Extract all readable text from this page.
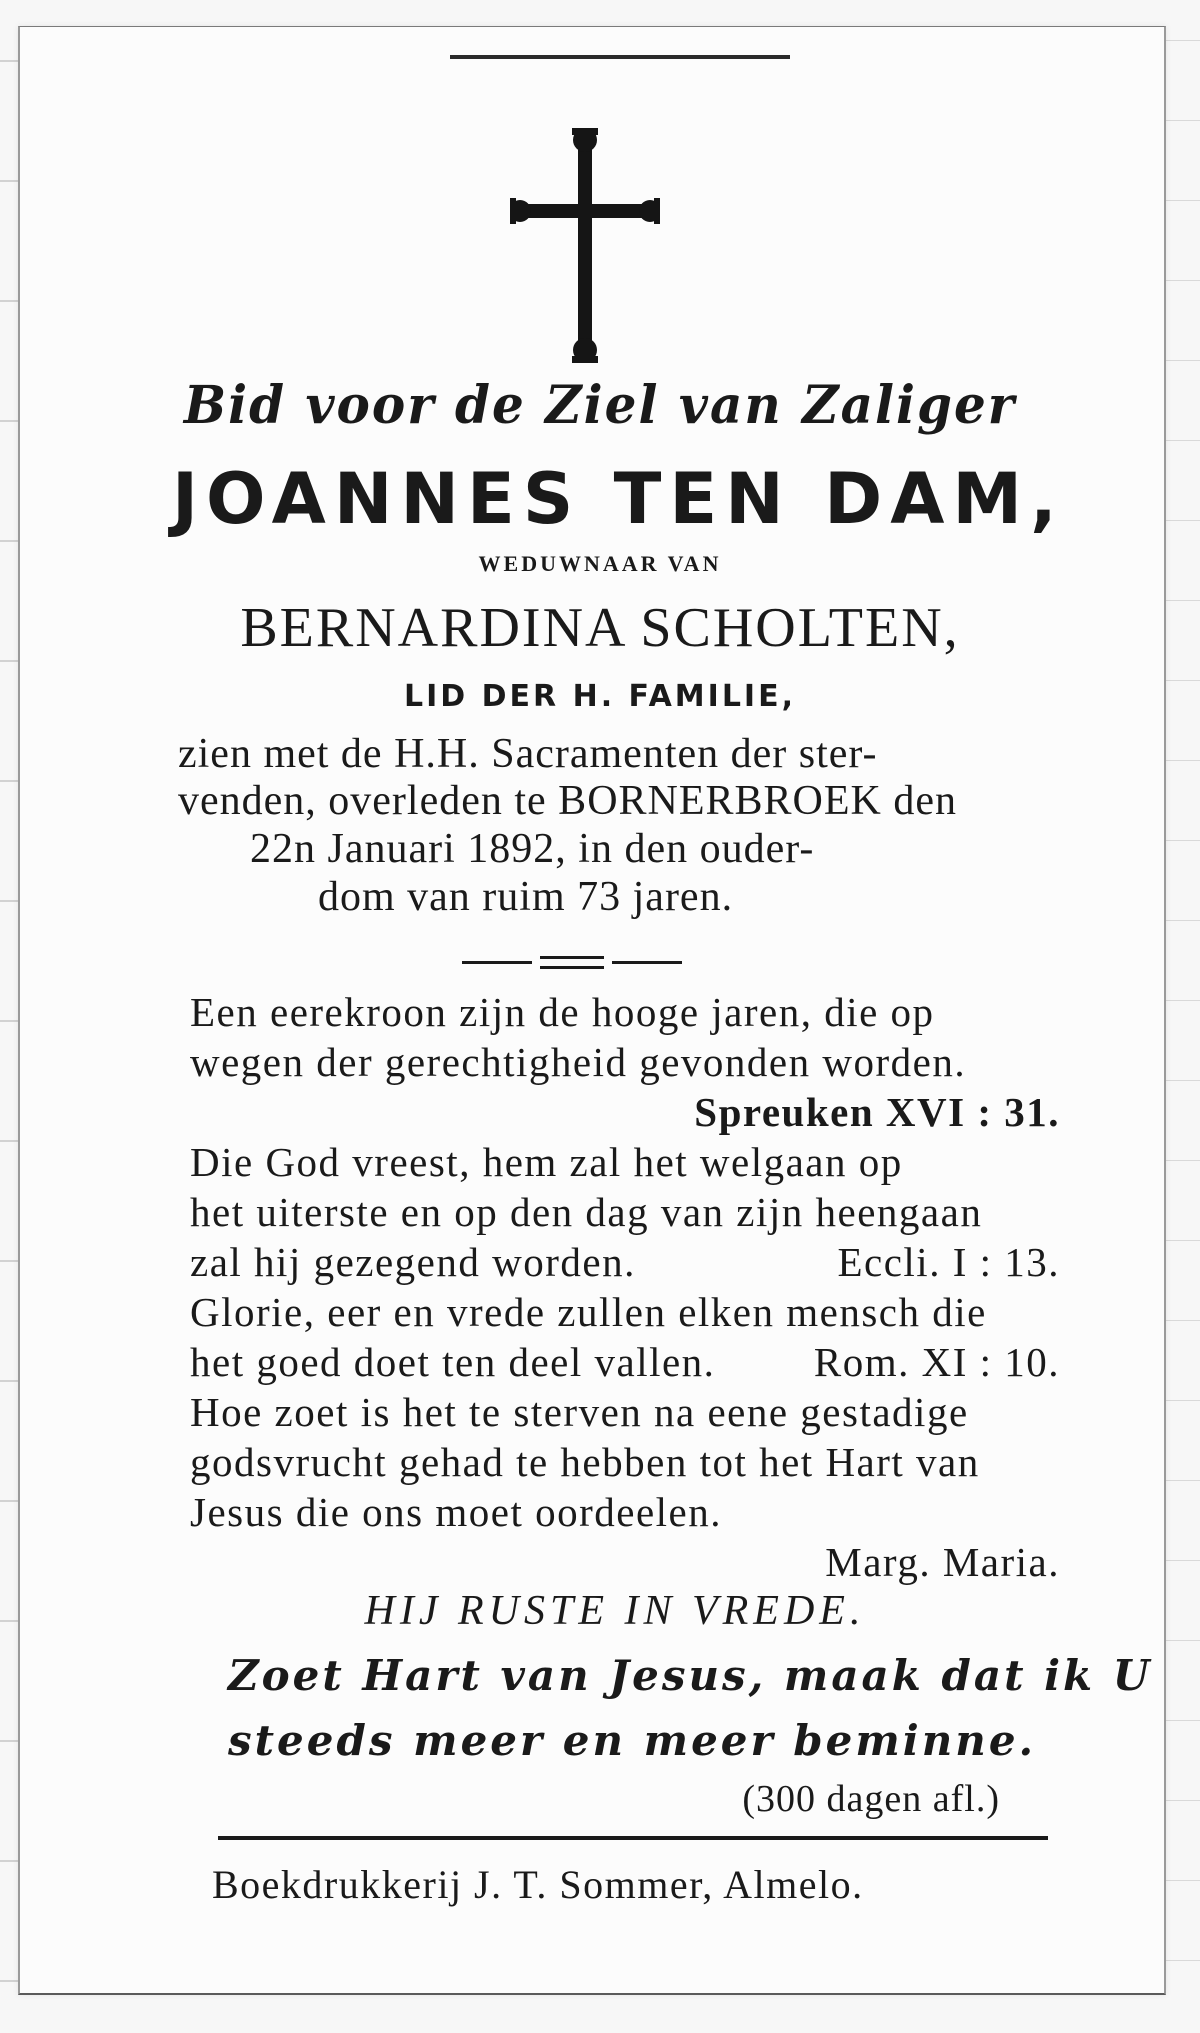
Bid voor de Ziel van Zaliger
JOANNES TEN DAM,
WEDUWNAAR VAN
BERNARDINA SCHOLTEN,
LID DER H. FAMILIE,
zien met de H.H. Sacramenten der ster-
venden, overleden te BORNERBROEK den
22n Januari 1892, in den ouder-
dom van ruim 73 jaren.
Een eerekroon zijn de hooge jaren, die op
wegen der gerechtigheid gevonden worden.
Spreuken XVI : 31.
Die God vreest, hem zal het welgaan op
het uiterste en op den dag van zijn heengaan
zal hij gezegend worden.	Eccli. I : 13.
Glorie, eer en vrede zullen elken mensch die
het goed doet ten deel vallen. Rom. XI : 10.
Hoe zoet is het te sterven na eene gestadige
godsvrucht gehad te hebben tot het Hart van
Jesus die ons moet oordeelen.
Marg. Maria.
HIJ RUSTE IN VREDE.
Zoet Hart van Jesus, maak dat ik U
steeds meer en meer beminne.
(300 dagen afl.)
Boekdrukkerij J. T. Sommer, Almelo.
